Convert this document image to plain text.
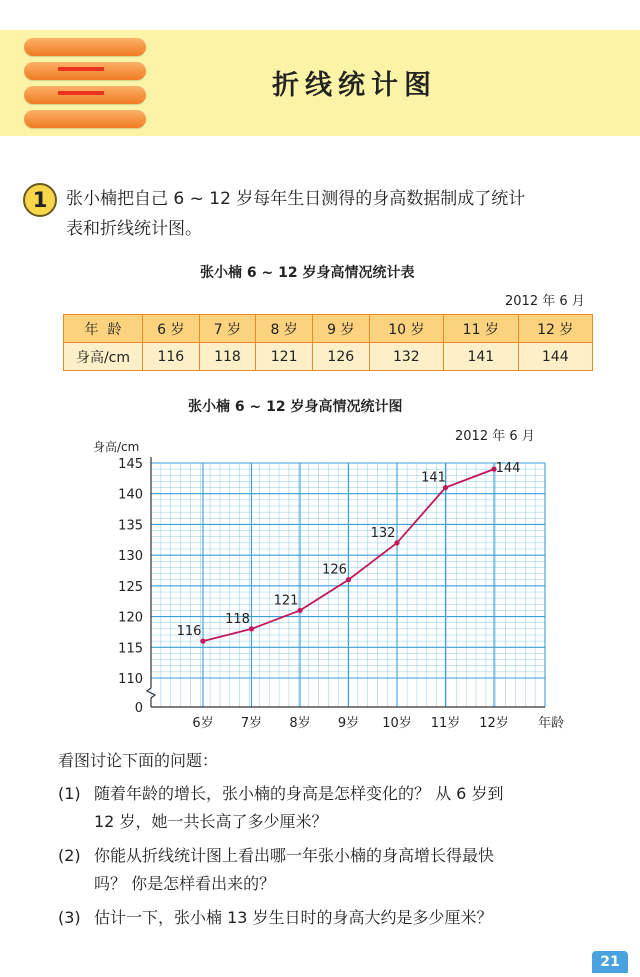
折线统计图
1	张小楠把自己 6 ~ 12 岁每年生日测得的身高数据制成了统计
表和折线统计图。
张小楠 6 ~ 12 岁身高情况统计表
2012 年 6 月
年  龄	6 岁	7 岁	8 岁	9 岁	10 岁	11 岁	12 岁
身高/cm	116	118	121	126	132	141	144
张小楠 6 ~ 12 岁身高情况统计图
2012 年 6 月
0
110
115
120
125
130
135
140
145
身高/cm
6岁 7岁 8岁 9岁 10岁 11岁 12岁 年龄
116
118
121
126
132
141
144
看图讨论下面的问题：
(1) 随着年龄的增长，张小楠的身高是怎样变化的？ 从 6 岁到
12 岁，她一共长高了多少厘米？
(2) 你能从折线统计图上看出哪一年张小楠的身高增长得最快
吗？ 你是怎样看出来的？
(3) 估计一下，张小楠 13 岁生日时的身高大约是多少厘米？
21
